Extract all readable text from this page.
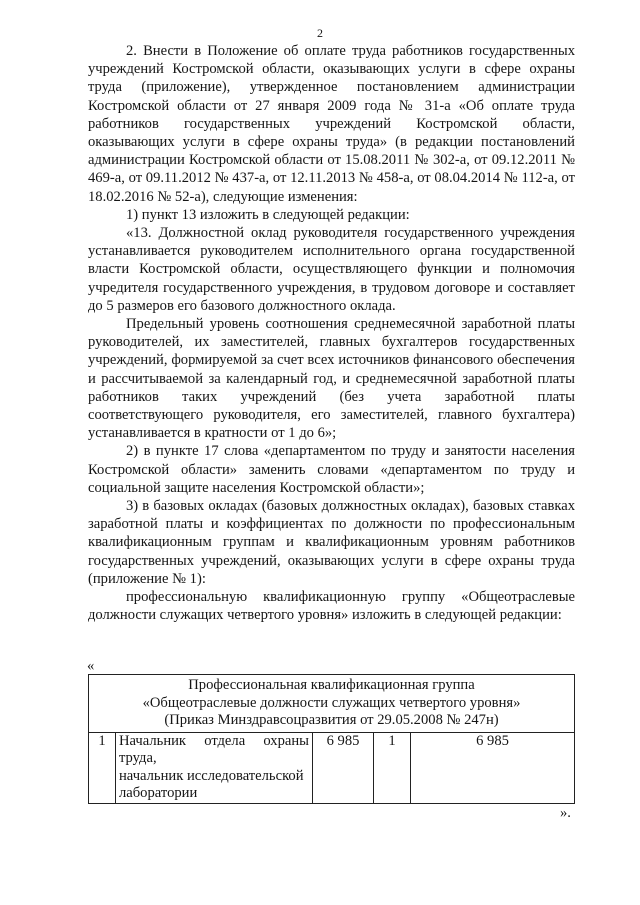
2

2. Внести в Положение об оплате труда работников государственных учреждений Костромской области, оказывающих услуги в сфере охраны труда (приложение), утвержденное постановлением администрации Костромской области от 27 января 2009 года № 31-а «Об оплате труда работников государственных учреждений Костромской области, оказывающих услуги в сфере охраны труда» (в редакции постановлений администрации Костромской области от 15.08.2011 № 302-а, от 09.12.2011 № 469-а, от 09.11.2012 № 437-а, от 12.11.2013 № 458-а, от 08.04.2014 № 112-а, от 18.02.2016 № 52-а), следующие изменения:

1) пункт 13 изложить в следующей редакции:

«13. Должностной оклад руководителя государственного учреждения устанавливается руководителем исполнительного органа государственной власти Костромской области, осуществляющего функции и полномочия учредителя государственного учреждения, в трудовом договоре и составляет до 5 размеров его базового должностного оклада.

Предельный уровень соотношения среднемесячной заработной платы руководителей, их заместителей, главных бухгалтеров государственных учреждений, формируемой за счет всех источников финансового обеспечения и рассчитываемой за календарный год, и среднемесячной заработной платы работников таких учреждений (без учета заработной платы соответствующего руководителя, его заместителей, главного бухгалтера) устанавливается в кратности от 1 до 6»;

2) в пункте 17 слова «департаментом по труду и занятости населения Костромской области» заменить словами «департаментом по труду и социальной защите населения Костромской области»;

3) в базовых окладах (базовых должностных окладах), базовых ставках заработной платы и коэффициентах по должности по профессиональным квалификационным группам и квалификационным уровням работников государственных учреждений, оказывающих услуги в сфере охраны труда (приложение № 1):

профессиональную квалификационную группу «Общеотраслевые должности служащих четвертого уровня» изложить в следующей редакции:

«
Профессиональная квалификационная группа
«Общеотраслевые должности служащих четвертого уровня»
(Приказ Минздравсоцразвития от 29.05.2008 № 247н)

1	Начальник отдела охраны
труда,
начальник исследовательской
лаборатории
	6 985	1	6 985
».
